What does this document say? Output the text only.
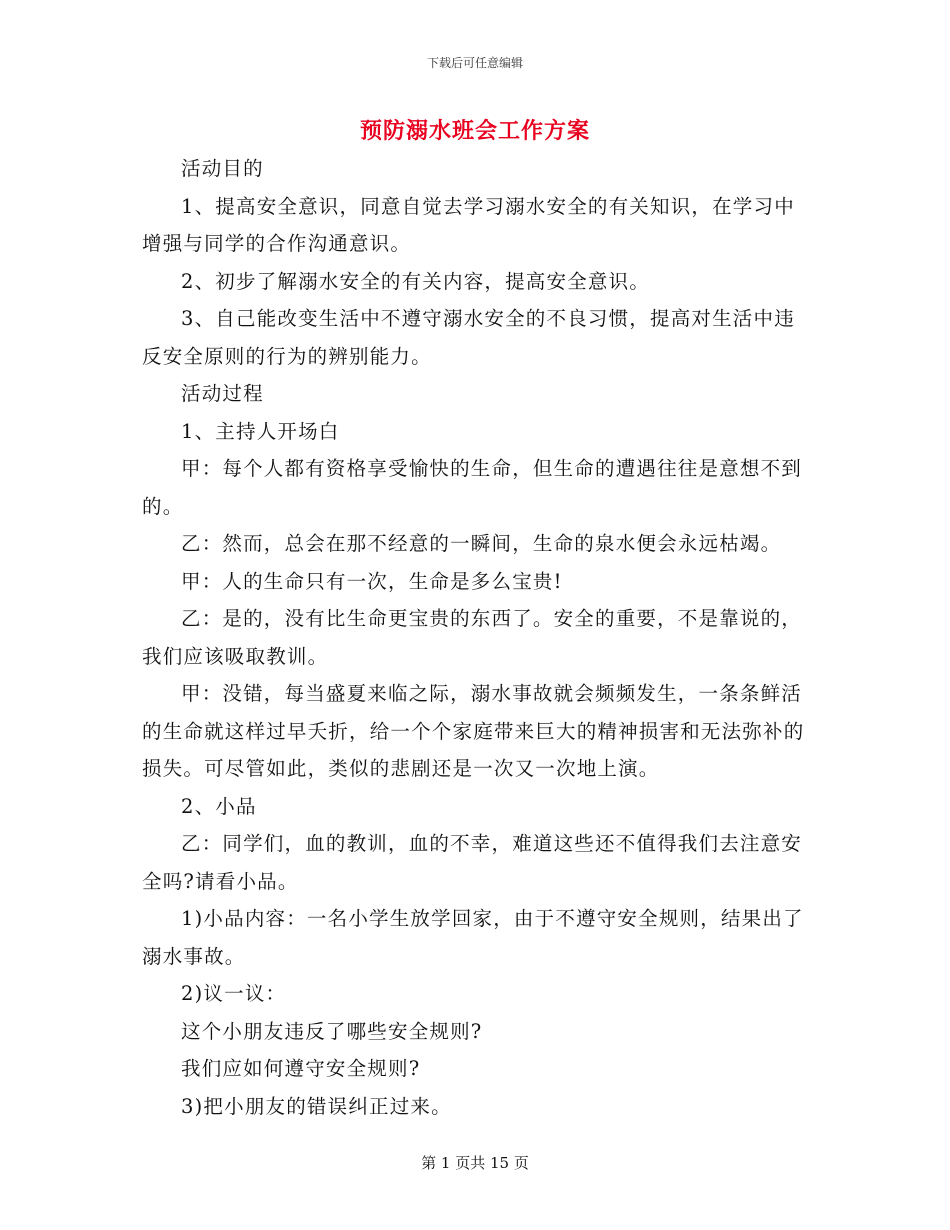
下载后可任意编辑
预防溺水班会工作方案

活动目的

1、提高安全意识，同意自觉去学习溺水安全的有关知识，在学习中增强与同学的合作沟通意识。

2、初步了解溺水安全的有关内容，提高安全意识。

3、自己能改变生活中不遵守溺水安全的不良习惯，提高对生活中违反安全原则的行为的辨别能力。

活动过程

1、主持人开场白

甲：每个人都有资格享受愉快的生命，但生命的遭遇往往是意想不到的。

乙：然而，总会在那不经意的一瞬间，生命的泉水便会永远枯竭。

甲：人的生命只有一次，生命是多么宝贵!

乙：是的，没有比生命更宝贵的东西了。安全的重要，不是靠说的，我们应该吸取教训。

甲：没错，每当盛夏来临之际，溺水事故就会频频发生，一条条鲜活的生命就这样过早夭折，给一个个家庭带来巨大的精神损害和无法弥补的损失。可尽管如此，类似的悲剧还是一次又一次地上演。

2、小品

乙：同学们，血的教训，血的不幸，难道这些还不值得我们去注意安全吗?请看小品。

1)小品内容：一名小学生放学回家，由于不遵守安全规则，结果出了溺水事故。

2)议一议：

这个小朋友违反了哪些安全规则?

我们应如何遵守安全规则?

3)把小朋友的错误纠正过来。

第 1 页共 15 页
